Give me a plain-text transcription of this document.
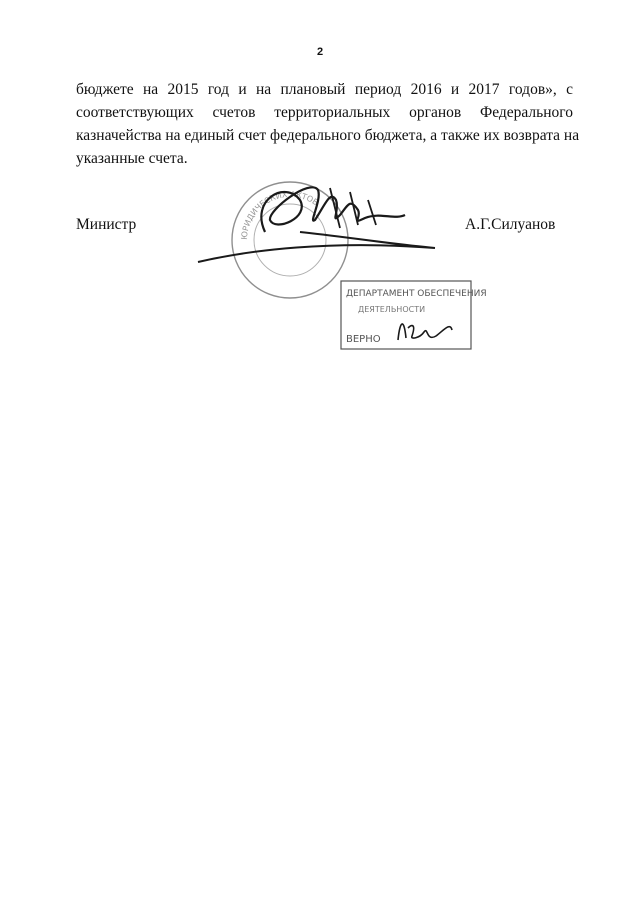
2
бюджете на 2015 год и на плановый период 2016 и 2017 годов», с
соответствующих счетов территориальных органов Федерального
казначейства на единый счет федерального бюджета, а также их возврата на
указанные счета.
ЮРИДИЧЕСКИХ АКТОВ
Министр	А.Г.Силуанов
ДЕПАРТАМЕНТ ОБЕСПЕЧЕНИЯ
ДЕЯТЕЛЬНОСТИ
ВЕРНО
